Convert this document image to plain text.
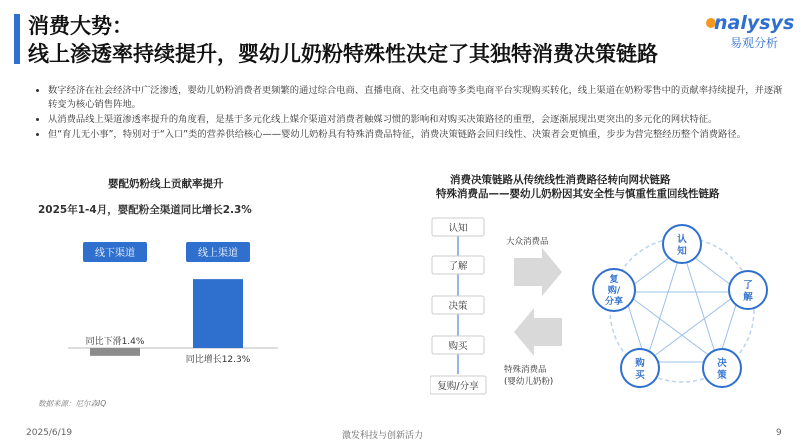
消费大势：
线上渗透率持续提升，婴幼儿奶粉特殊性决定了其独特消费决策链路
nalysys
易观分析
• 数字经济在社会经济中广泛渗透，婴幼儿奶粉消费者更频繁的通过综合电商、直播电商、社交电商等多类电商平台实现购买转化，线上渠道在奶粉零售中的贡献率持续提升，并逐渐转变为核心销售阵地。
• 从消费品线上渠道渗透率提升的角度看，是基于多元化线上媒介渠道对消费者触媒习惯的影响和对购买决策路径的重塑，会逐渐展现出更突出的多元化的网状特征。
• 但“育儿无小事”，特别对于“入口”类的营养供给核心——婴幼儿奶粉具有特殊消费品特征，消费决策链路会回归线性、决策者会更慎重，步步为营完整经历整个消费路径。
婴配奶粉线上贡献率提升
2025年1-4月，婴配粉全渠道同比增长2.3%
线下渠道	线上渠道
同比下滑1.4%
同比增长12.3%
数据来源：尼尔森IQ
消费决策链路从传统线性消费路径转向网状链路
特殊消费品——婴幼儿奶粉因其安全性与慎重性重回线性链路
认知
了解
决策
购买
复购/分享
大众消费品
特殊消费品
(婴幼儿奶粉)
认
知
了
解
决
策
购
买
复
购/
分享
2025/6/19	激发科技与创新活力	9
